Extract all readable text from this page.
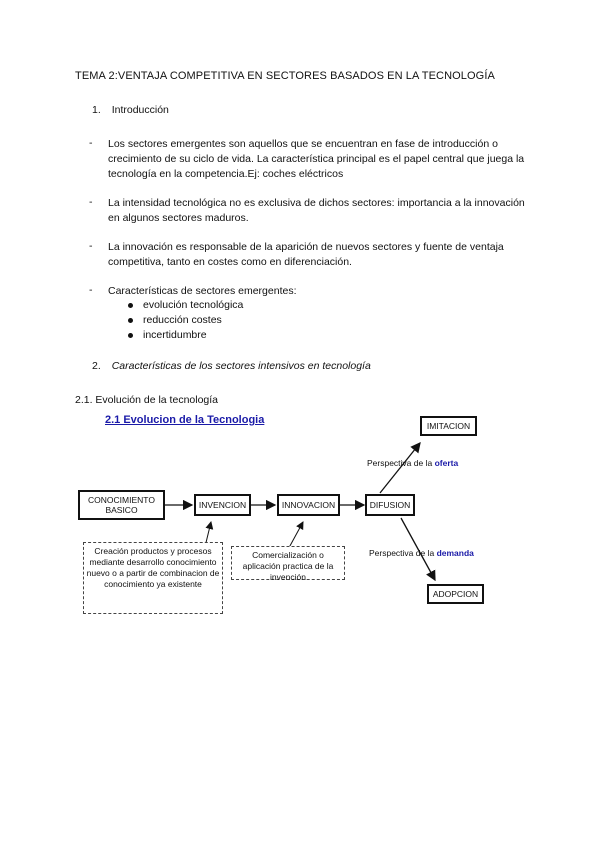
TEMA 2:VENTAJA COMPETITIVA EN SECTORES BASADOS EN LA TECNOLOGÍA
1. Introducción
- Los sectores emergentes son aquellos que se encuentran en fase de introducción o crecimiento de su ciclo de vida. La característica principal es el papel central que juega la tecnología en la competencia.Ej: coches eléctricos
- La intensidad tecnológica no es exclusiva de dichos sectores: importancia a la innovación en algunos sectores maduros.
- La innovación es responsable de la aparición de nuevos sectores y fuente de ventaja competitiva, tanto en costes como en diferenciación.
- Características de sectores emergentes:
evolución tecnológica
reducción costes
incertidumbre
2. Características de los sectores intensivos en tecnología
2.1. Evolución de la tecnología
2.1 Evolucion de la Tecnologia
CONOCIMIENTO BASICO	INVENCION	INNOVACION	DIFUSION
IMITACION
ADOPCION
Perspectiva de la oferta
Perspectiva de la demanda
Creación productos y procesos mediante desarrollo conocimiento nuevo o a partir de combinacion de conocimiento ya existente
Comercialización o aplicación practica de la invención
